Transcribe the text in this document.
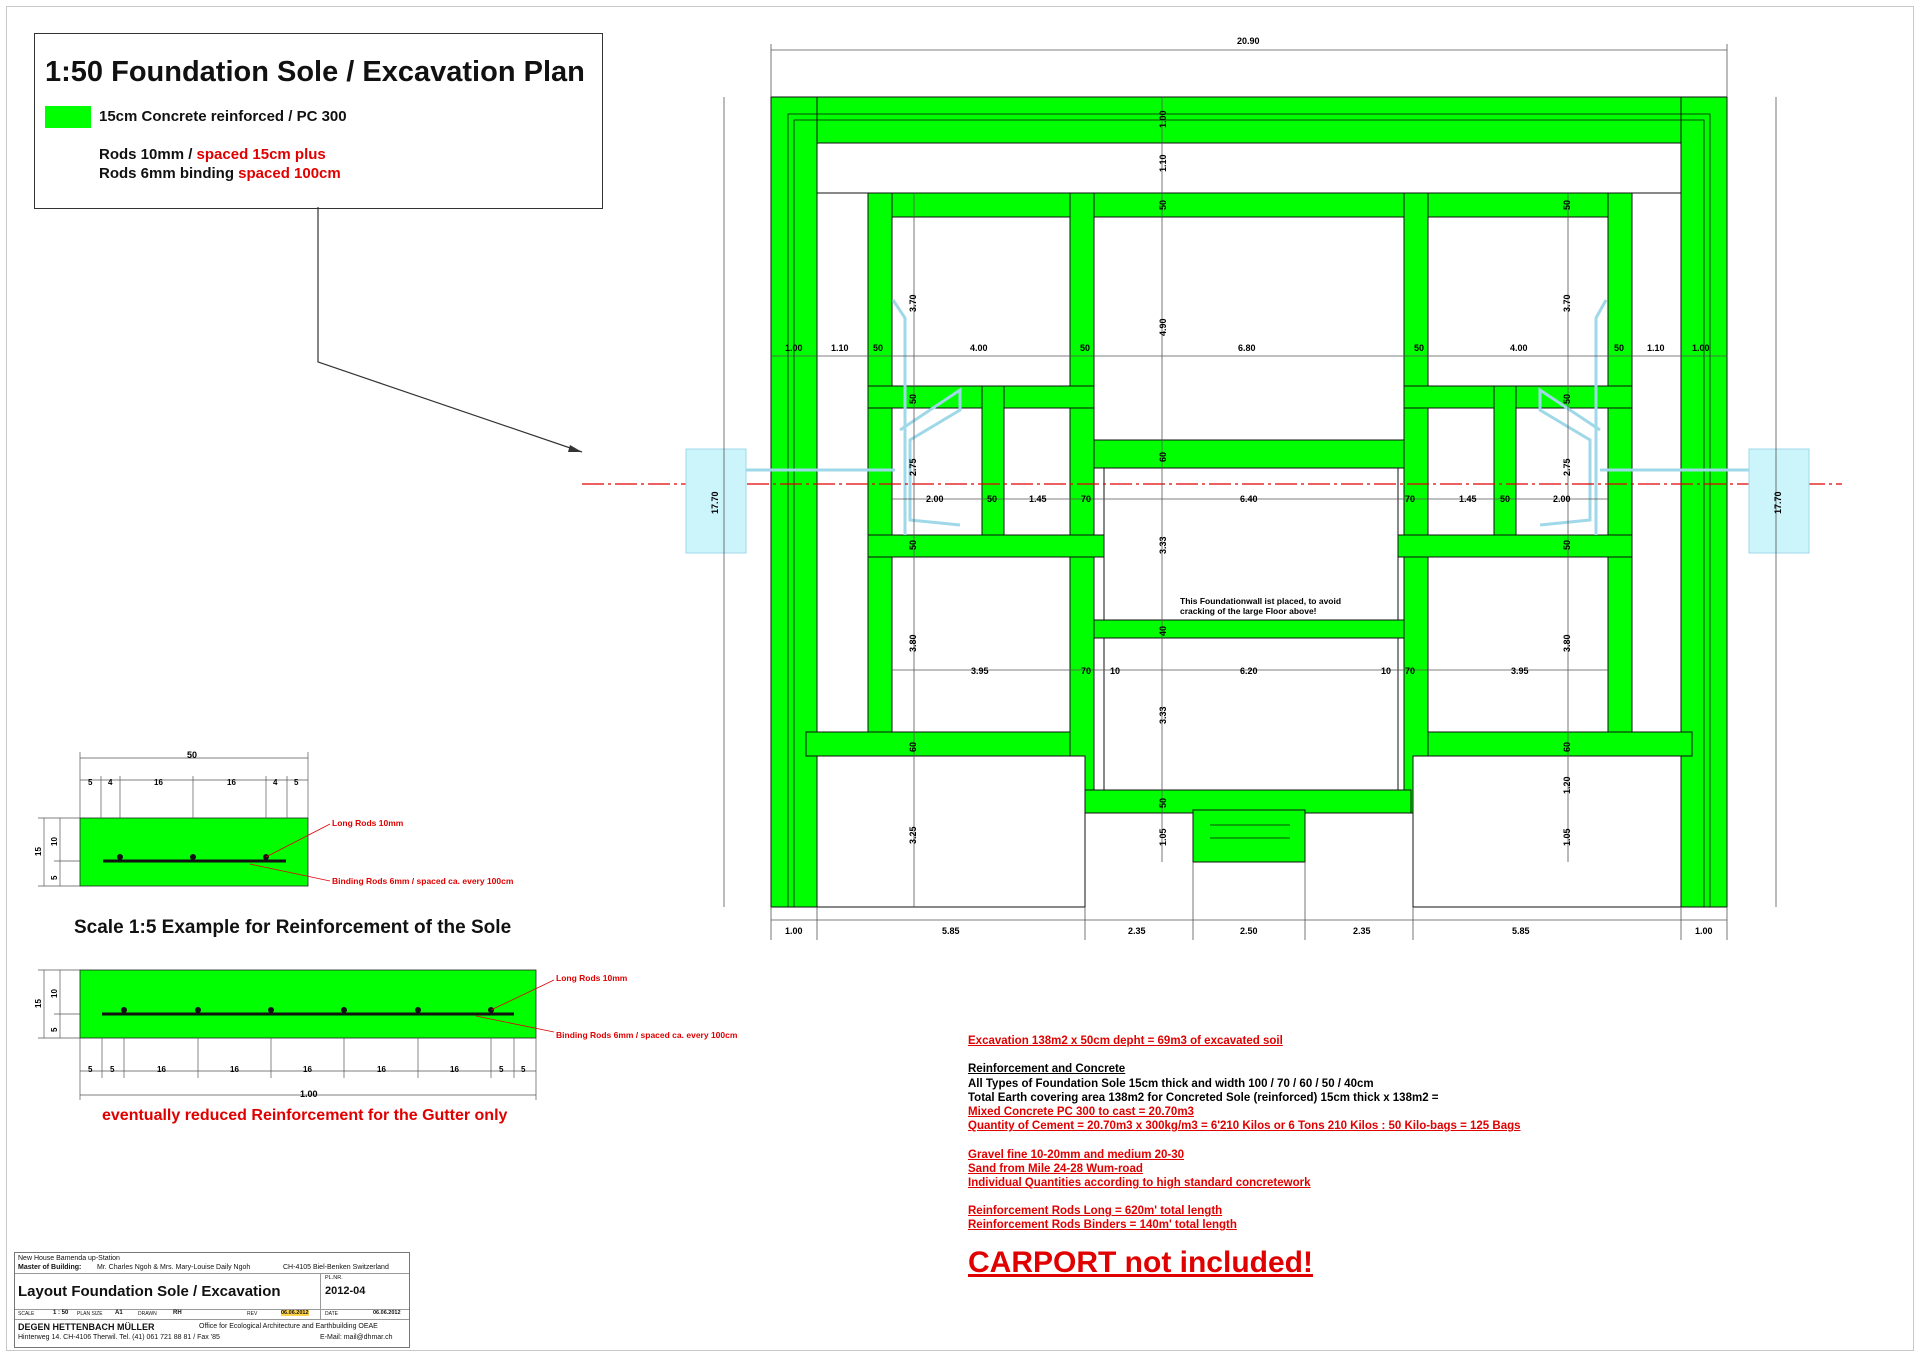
1:50 Foundation Sole / Excavation Plan
15cm Concrete reinforced / PC 300
Rods 10mm / spaced 15cm plus
Rods 6mm binding spaced 100cm
1.00	1.10	50	4.00	50	6.80	50	4.00	50	1.10	1.00
2.00	50	1.45	70	6.40	70	1.45	50	2.00
3.95	70 10	6.20	10 70	3.95
1.00	5.85	2.35	2.50	2.35	5.85	1.00
1.00
1.10
50
4.90
60
3.33
40
3.33
50
1.05
3.70
50
2.75
50
3.80
60
3.25
50
3.70
50
2.75
50
3.80
60
1.20
1.05
20.90
17.70	17.70
This Foundationwall ist placed, to avoid
cracking of the large Floor above!
50
5 4	16	16	4 5
Long Rods 10mm
Binding Rods 6mm / spaced ca. every 100cm
15
10
5
Scale 1:5 Example for Reinforcement of the Sole
Long Rods 10mm
Binding Rods 6mm / spaced ca. every 100cm
5 5	16	16	16	16	16	5 5
1.00
15
10
5
eventually reduced Reinforcement for the Gutter only
Excavation 138m2 x 50cm depht = 69m3 of excavated soil
Reinforcement and Concrete
All Types of Foundation Sole 15cm thick and width 100 / 70 / 60 / 50 / 40cm
Total Earth covering area 138m2 for Concreted Sole (reinforced) 15cm thick x 138m2 =
Mixed Concrete PC 300 to cast = 20.70m3
Quantity of Cement = 20.70m3 x 300kg/m3 = 6'210 Kilos or 6 Tons 210 Kilos : 50 Kilo-bags = 125 Bags
Gravel fine 10-20mm and medium 20-30
Sand from Mile 24-28 Wum-road
Individual Quantities according to high standard concretework
Reinforcement Rods Long = 620m' total length
Reinforcement Rods Binders = 140m' total length
CARPORT not included!
New House Bamenda up-Station
Master of Building: Mr. Charles Ngoh & Mrs. Mary-Louise Daily Ngoh	CH-4105 Biel-Benken Switzerland
PL.NR.
Layout Foundation Sole / Excavation	2012-04
SCALE	1 : 50 PLAN SIZE A1	DRAWN	RH	REV	06.06.2012	DATE	06.06.2012
DEGEN HETTENBACH MÜLLER	Office for Ecological Architecture and Earthbuilding OEAE
Hinterweg 14. CH-4106 Therwil. Tel. (41) 061 721 88 81 / Fax '85	E-Mail: mail@dhmar.ch
